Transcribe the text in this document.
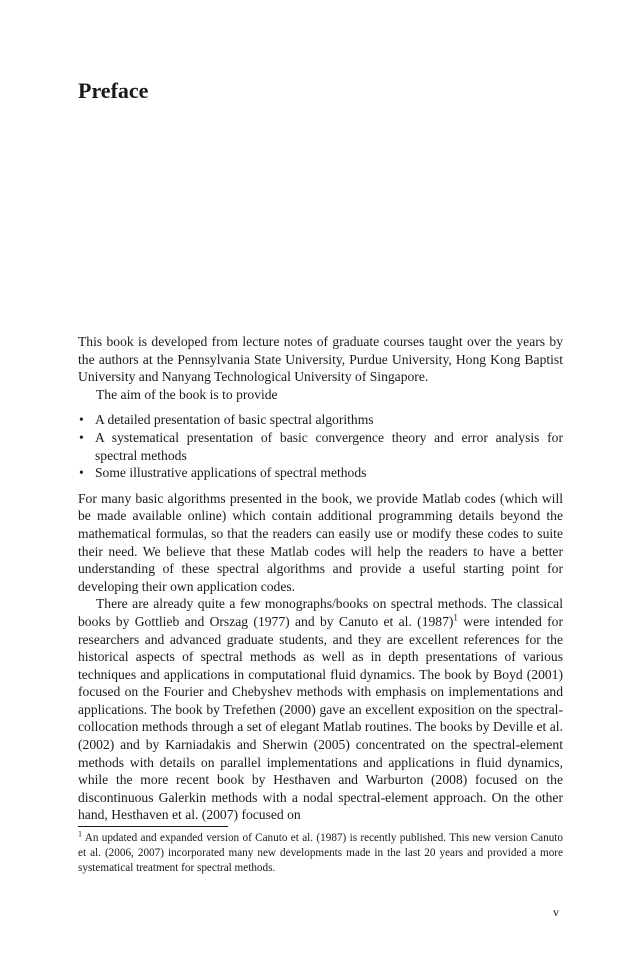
Preface

This book is developed from lecture notes of graduate courses taught over the years by the authors at the Pennsylvania State University, Purdue University, Hong Kong Baptist University and Nanyang Technological University of Singapore.

The aim of the book is to provide

• A detailed presentation of basic spectral algorithms
• A systematical presentation of basic convergence theory and error analysis for spectral methods
• Some illustrative applications of spectral methods

For many basic algorithms presented in the book, we provide Matlab codes (which will be made available online) which contain additional programming details beyond the mathematical formulas, so that the readers can easily use or modify these codes to suite their need. We believe that these Matlab codes will help the readers to have a better understanding of these spectral algorithms and provide a useful starting point for developing their own application codes.

There are already quite a few monographs/books on spectral methods. The classical books by Gottlieb and Orszag (1977) and by Canuto et al. (1987)$^1$ were intended for researchers and advanced graduate students, and they are excellent references for the historical aspects of spectral methods as well as in depth presentations of various techniques and applications in computational fluid dynamics. The book by Boyd (2001) focused on the Fourier and Chebyshev methods with emphasis on implementations and applications. The book by Trefethen (2000) gave an excellent exposition on the spectral-collocation methods through a set of elegant Matlab routines. The books by Deville et al. (2002) and by Karniadakis and Sherwin (2005) concentrated on the spectral-element methods with details on parallel implementations and applications in fluid dynamics, while the more recent book by Hesthaven and Warburton (2008) focused on the discontinuous Galerkin methods with a nodal spectral-element approach. On the other hand, Hesthaven et al. (2007) focused on

$^1$ An updated and expanded version of Canuto et al. (1987) is recently published. This new version Canuto et al. (2006, 2007) incorporated many new developments made in the last 20 years and provided a more systematical treatment for spectral methods.

v
